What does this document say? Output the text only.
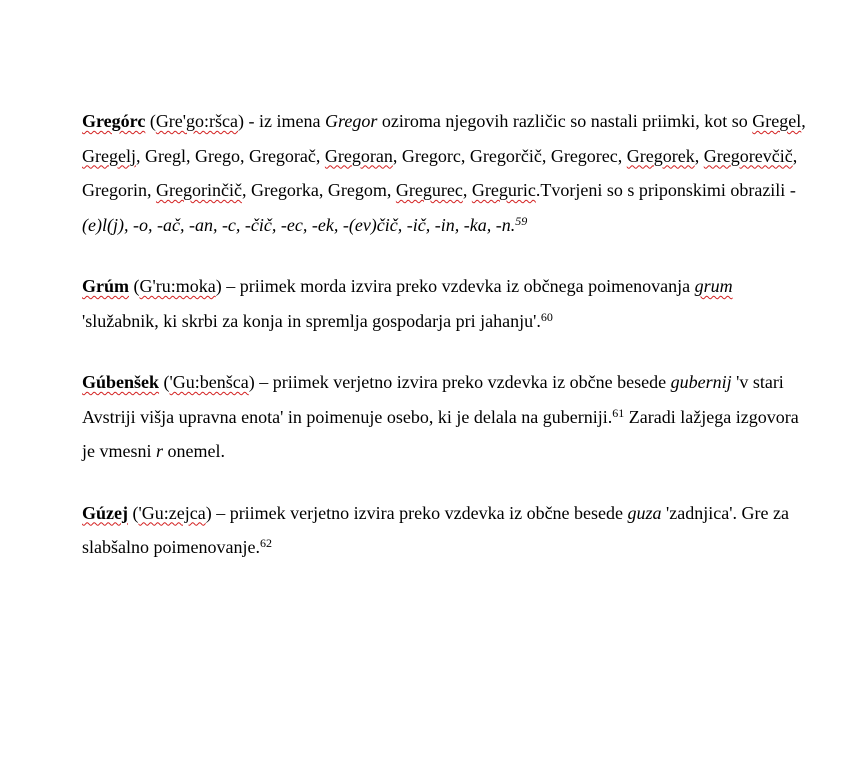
Gregórc (Gre'go:ršca) - iz imena Gregor oziroma njegovih različic so nastali priimki, kot so Gregel, Gregelj, Gregl, Grego, Gregorač, Gregoran, Gregorc, Gregorčič, Gregorec, Gregorek, Gregorevčič, Gregorin, Gregorinčič, Gregorka, Gregom, Gregurec, Greguric.Tvorjeni so s priponskimi obrazili -(e)l(j), -o, -ač, -an, -c, -čič, -ec, -ek, -(ev)čič, -ič, -in, -ka, -n.$^{59}$

Grúm (G'ru:moka) – priimek morda izvira preko vzdevka iz občnega poimenovanja grum 'služabnik, ki skrbi za konja in spremlja gospodarja pri jahanju'.$^{60}$

Gúbenšek ('Gu:benšca) – priimek verjetno izvira preko vzdevka iz občne besede gubernij 'v stari Avstriji višja upravna enota' in poimenuje osebo, ki je delala na guberniji.$^{61}$ Zaradi lažjega izgovora je vmesni r onemel.

Gúzej ('Gu:zejca) – priimek verjetno izvira preko vzdevka iz občne besede guza 'zadnjica'. Gre za slabšalno poimenovanje.$^{62}$
